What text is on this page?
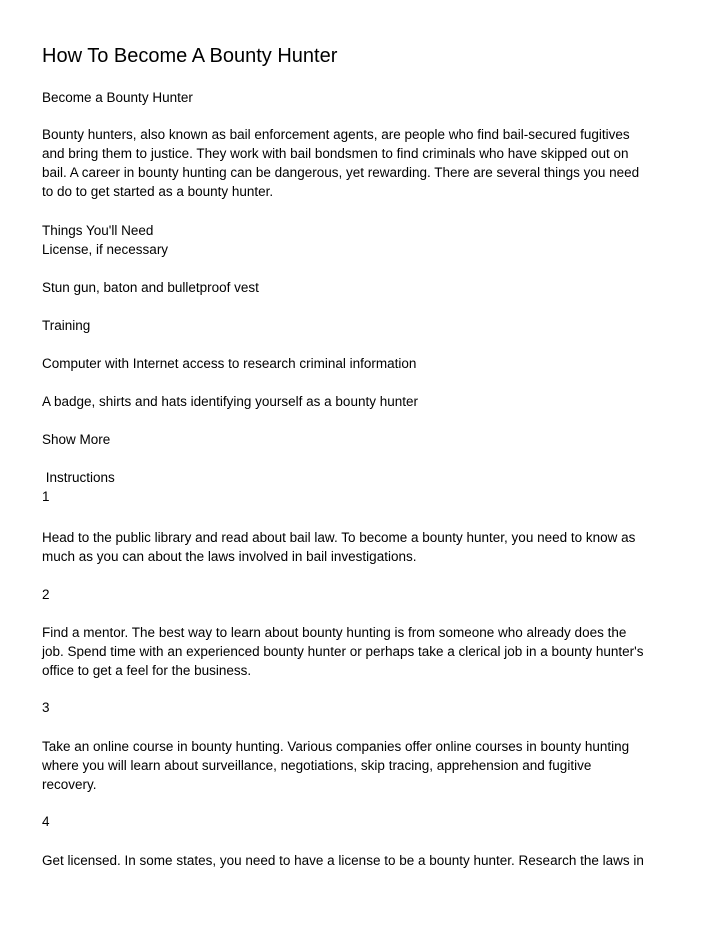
How To Become A Bounty Hunter

Become a Bounty Hunter

Bounty hunters, also known as bail enforcement agents, are people who find bail-secured fugitives

and bring them to justice. They work with bail bondsmen to find criminals who have skipped out on

bail. A career in bounty hunting can be dangerous, yet rewarding. There are several things you need

to do to get started as a bounty hunter.

Things You'll Need

License, if necessary

Stun gun, baton and bulletproof vest

Training

Computer with Internet access to research criminal information

A badge, shirts and hats identifying yourself as a bounty hunter

Show More

Instructions

1

Head to the public library and read about bail law. To become a bounty hunter, you need to know as

much as you can about the laws involved in bail investigations.

2

Find a mentor. The best way to learn about bounty hunting is from someone who already does the

job. Spend time with an experienced bounty hunter or perhaps take a clerical job in a bounty hunter's

office to get a feel for the business.

3

Take an online course in bounty hunting. Various companies offer online courses in bounty hunting

where you will learn about surveillance, negotiations, skip tracing, apprehension and fugitive

recovery.

4

Get licensed. In some states, you need to have a license to be a bounty hunter. Research the laws in
